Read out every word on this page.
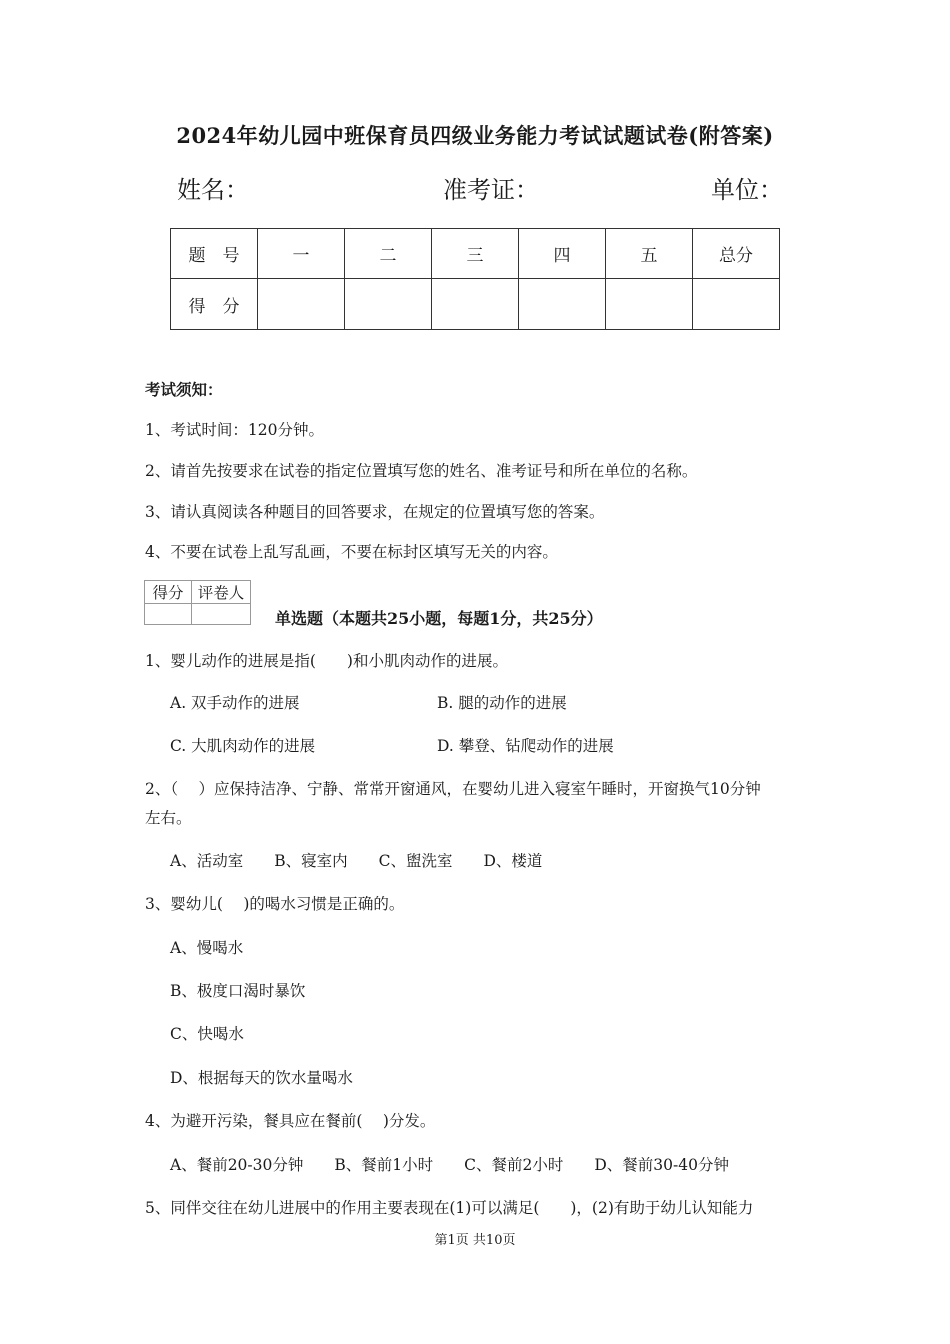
2024年幼儿园中班保育员四级业务能力考试试题试卷(附答案)
姓名：	准考证：	单位：
题　号	一	二	三	四	五	总分
得　分						
考试须知：
1、考试时间：120分钟。
2、请首先按要求在试卷的指定位置填写您的姓名、准考证号和所在单位的名称。
3、请认真阅读各种题目的回答要求，在规定的位置填写您的答案。
4、不要在试卷上乱写乱画，不要在标封区填写无关的内容。
得分	评卷人

单选题（本题共25小题，每题1分，共25分）
1、婴儿动作的进展是指(　　)和小肌肉动作的进展。
A. 双手动作的进展	B. 腿的动作的进展
C. 大肌肉动作的进展	D. 攀登、钻爬动作的进展
2、（　 ）应保持洁净、宁静、常常开窗通风，在婴幼儿进入寝室午睡时，开窗换气10分钟
左右。
A、活动室　　B、寝室内　　C、盥洗室　　D、楼道
3、婴幼儿(　 )的喝水习惯是正确的。
A、慢喝水
B、极度口渴时暴饮
C、快喝水
D、根据每天的饮水量喝水
4、为避开污染，餐具应在餐前(　 )分发。
A、餐前20-30分钟　　B、餐前1小时　　C、餐前2小时　　D、餐前30-40分钟
5、同伴交往在幼儿进展中的作用主要表现在(1)可以满足(　　)，(2)有助于幼儿认知能力
第1页 共10页
